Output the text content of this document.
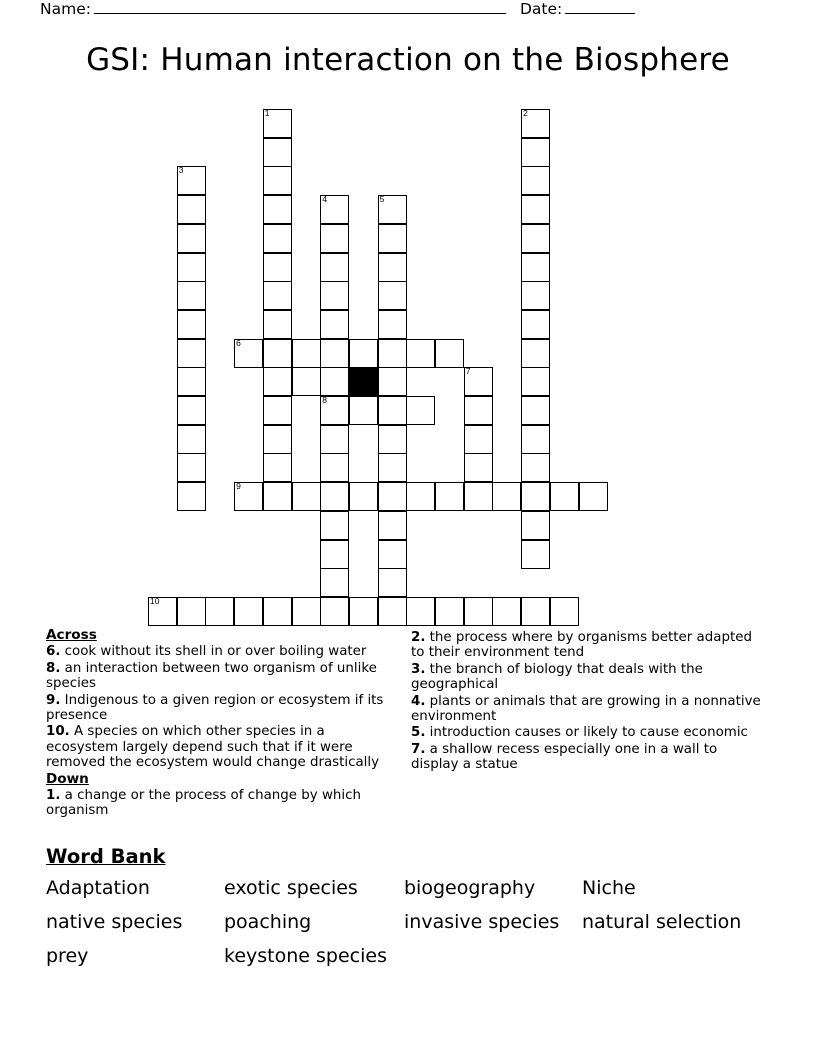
Name:	Date:
GSI: Human interaction on the Biosphere
1	2
3
4
8
5
6
7
9
10
Across

6. cook without its shell in or over boiling water

8. an interaction between two organism of unlike species

9. Indigenous to a given region or ecosystem if its presence

10. A species on which other species in a ecosystem largely depend such that if it were removed the ecosystem would change drastically

Down

1. a change or the process of change by which organism

2. the process where by organisms better adapted to their environment tend

3. the branch of biology that deals with the geographical

4. plants or animals that are growing in a nonnative environment

5. introduction causes or likely to cause economic

7. a shallow recess especially one in a wall to display a statue

Word Bank
Adaptation	exotic species	biogeography	Niche
native species	poaching	invasive species	natural selection
prey	keystone species
